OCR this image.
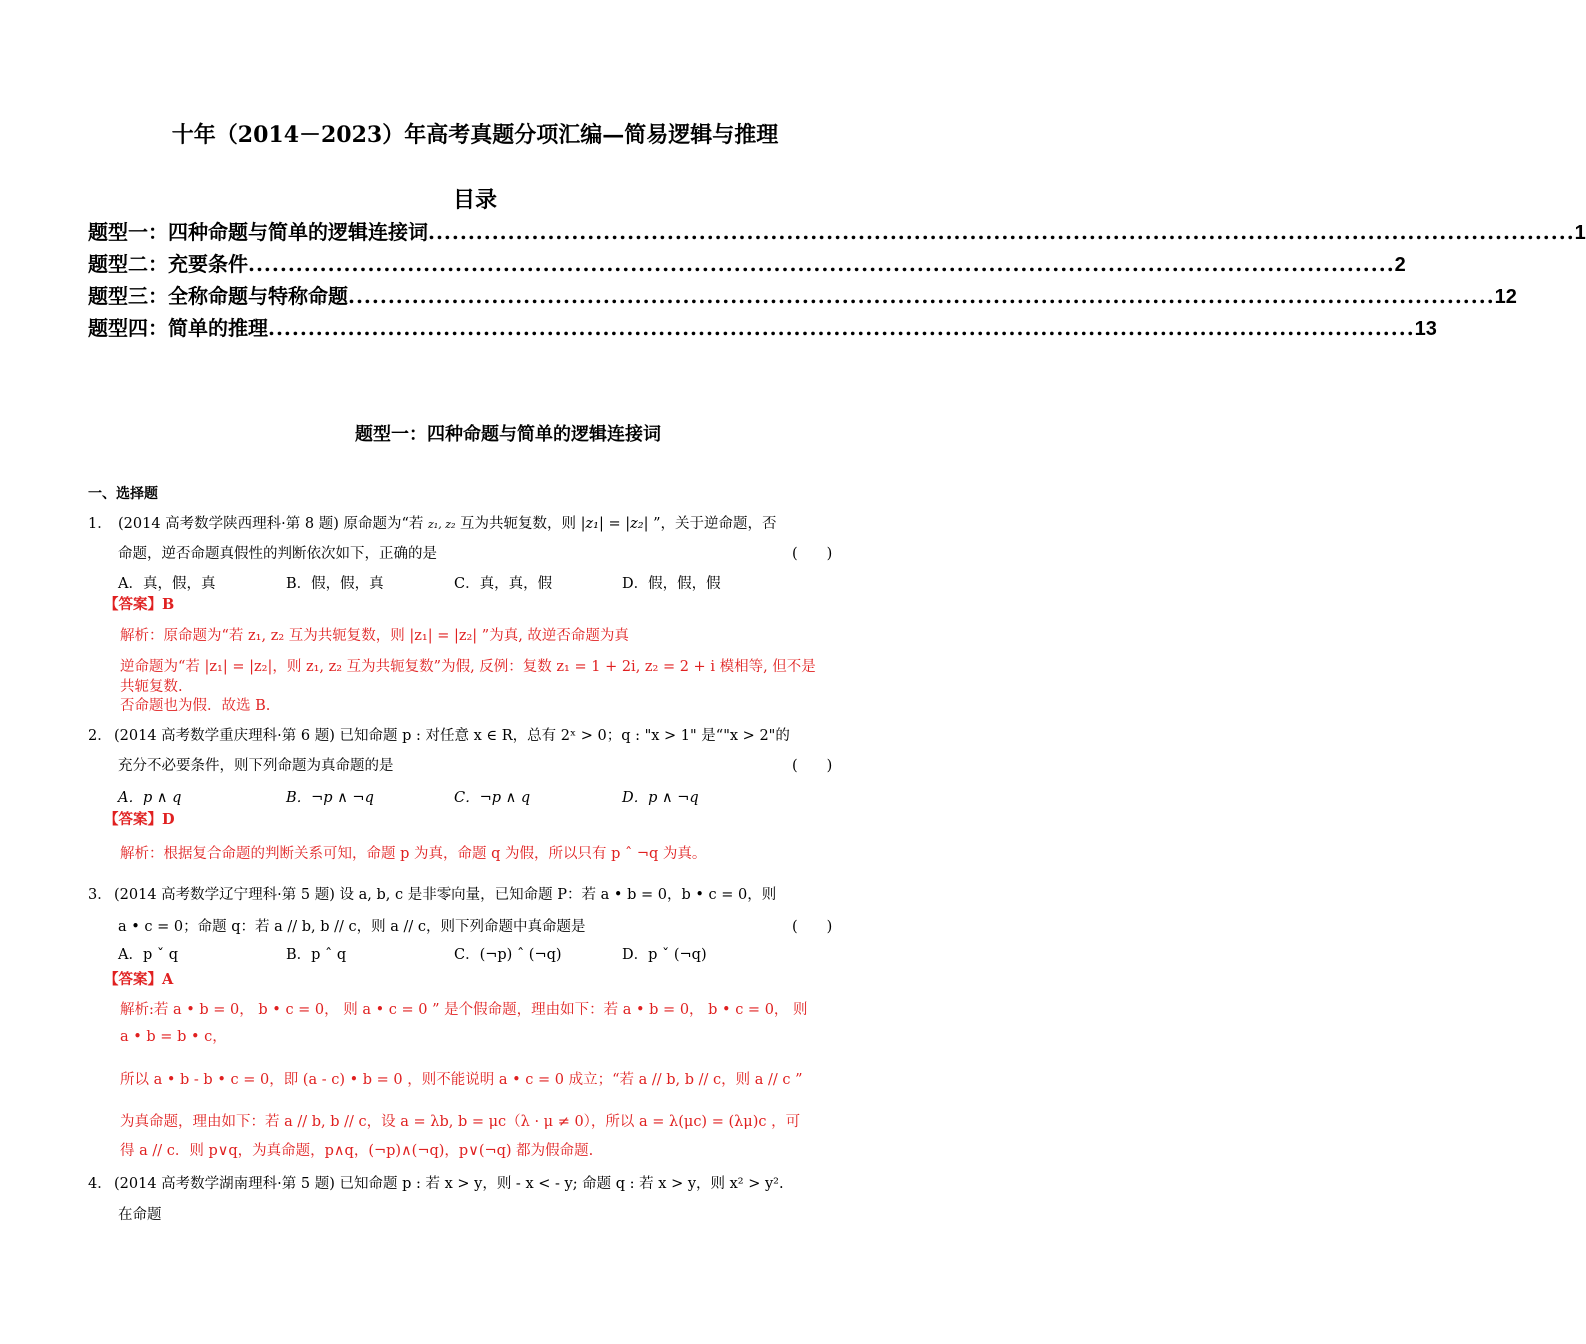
十年（2014－2023）年高考真题分项汇编—简易逻辑与推理
目录
题型一：四种命题与简单的逻辑连接词 ................................................................................................................................................ 1
题型二：充要条件 ................................................................................................................................................ 2
题型三：全称命题与特称命题 ................................................................................................................................................ 12
题型四：简单的推理 ................................................................................................................................................ 13
题型一：四种命题与简单的逻辑连接词
一、选择题
1． (2014 高考数学陕西理科·第 8 题) 原命题为“若 z₁, z₂ 互为共轭复数，则 |z₁| = |z₂| ”，关于逆命题，否
命题，逆否命题真假性的判断依次如下，正确的是	(　　)
A．真，假，真	B．假，假，真	C．真，真，假	D．假，假，假
【答案】B
解析：原命题为“若 z₁, z₂ 互为共轭复数，则 |z₁| = |z₂| ”为真, 故逆否命题为真
逆命题为“若 |z₁| = |z₂|，则 z₁, z₂ 互为共轭复数”为假, 反例：复数 z₁ = 1 + 2i, z₂ = 2 + i 模相等, 但不是
共轭复数.
否命题也为假．故选 B.
2． (2014 高考数学重庆理科·第 6 题) 已知命题 p : 对任意 x ∈ R，总有 2ˣ > 0；q : "x > 1" 是“"x > 2"的
充分不必要条件，则下列命题为真命题的是	(　　)
A．p ∧ q	B．¬p ∧ ¬q	C．¬p ∧ q	D．p ∧ ¬q
【答案】D
解析：根据复合命题的判断关系可知，命题 p 为真，命题 q 为假，所以只有 p ˆ ¬q 为真。
3． (2014 高考数学辽宁理科·第 5 题) 设 a, b, c 是非零向量，已知命题 P：若 a • b = 0，b • c = 0，则
a • c = 0；命题 q：若 a // b, b // c，则 a // c，则下列命题中真命题是	(　　)
A．p ˇ q	B．p ˆ q	C．(¬p) ˆ (¬q)	D．p ˇ (¬q)
【答案】A
解析:若 a • b = 0， b • c = 0， 则 a • c = 0 ” 是个假命题，理由如下：若 a • b = 0， b • c = 0， 则
a • b = b • c，
所以 a • b - b • c = 0，即 (a - c) • b = 0 ，则不能说明 a • c = 0 成立；“若 a // b, b // c，则 a // c ”
为真命题，理由如下：若 a // b, b // c，设 a = λb, b = μc（λ · μ ≠ 0），所以 a = λ(μc) = (λμ)c ，可
得 a // c．则 p∨q，为真命题，p∧q，(¬p)∧(¬q)，p∨(¬q) 都为假命题.
4． (2014 高考数学湖南理科·第 5 题) 已知命题 p : 若 x > y，则 - x < - y; 命题 q : 若 x > y，则 x² > y².
在命题
